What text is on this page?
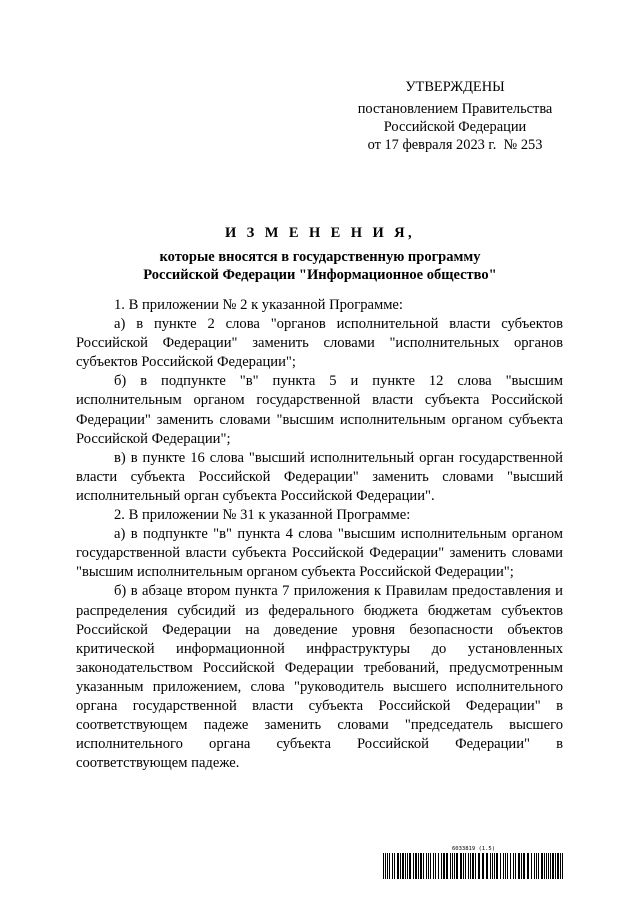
УТВЕРЖДЕНЫ
постановлением Правительства
Российской Федерации
от 17 февраля 2023 г.  № 253
И З М Е Н Е Н И Я,
которые вносятся в государственную программу
Российской Федерации "Информационное общество"

1. В приложении № 2 к указанной Программе:

а) в пункте 2 слова "органов исполнительной власти субъектов Российской Федерации" заменить словами "исполнительных органов субъектов Российской Федерации";

б) в подпункте "в" пункта 5 и пункте 12 слова "высшим исполнительным органом государственной власти субъекта Российской Федерации" заменить словами "высшим исполнительным органом субъекта Российской Федерации";

в) в пункте 16 слова "высший исполнительный орган государственной власти субъекта Российской Федерации" заменить словами "высший исполнительный орган субъекта Российской Федерации".

2. В приложении № 31 к указанной Программе:

а) в подпункте "в" пункта 4 слова "высшим исполнительным органом государственной власти субъекта Российской Федерации" заменить словами "высшим исполнительным органом субъекта Российской Федерации";

б) в абзаце втором пункта 7 приложения к Правилам предоставления и распределения субсидий из федерального бюджета бюджетам субъектов Российской Федерации на доведение уровня безопасности объектов критической информационной инфраструктуры до установленных законодательством Российской Федерации требований, предусмотренным указанным приложением, слова "руководитель высшего исполнительного органа государственной власти субъекта Российской Федерации" в соответствующем падеже заменить словами "председатель высшего исполнительного органа субъекта Российской Федерации" в соответствующем падеже.

6033819 (1.5)
